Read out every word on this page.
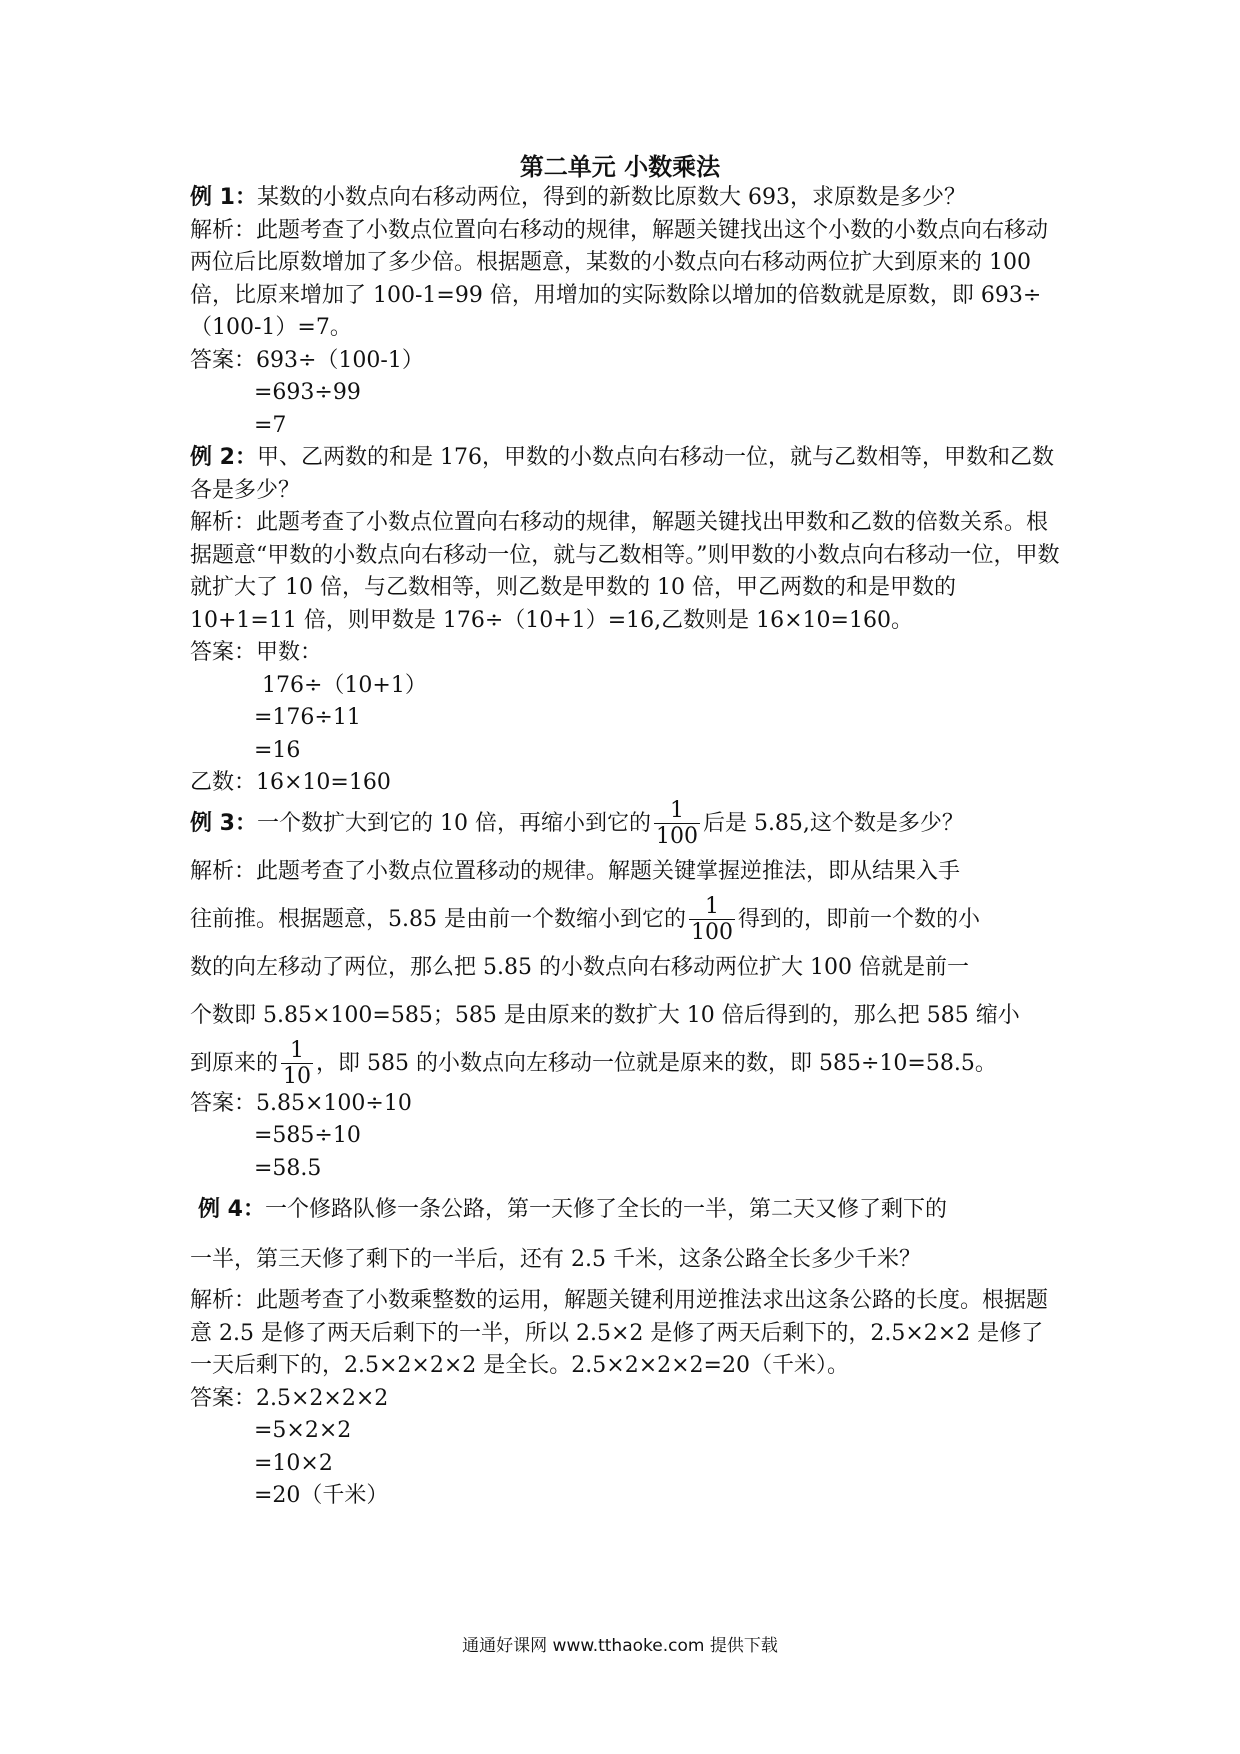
第二单元 小数乘法

例 1：某数的小数点向右移动两位，得到的新数比原数大 693，求原数是多少？

解析：此题考查了小数点位置向右移动的规律，解题关键找出这个小数的小数点向右移动两位后比原数增加了多少倍。根据题意，某数的小数点向右移动两位扩大到原来的 100 倍，比原来增加了 100-1=99 倍，用增加的实际数除以增加的倍数就是原数，即 693÷（100-1）=7。

答案：693÷（100-1）

=693÷99

=7

例 2：甲、乙两数的和是 176，甲数的小数点向右移动一位，就与乙数相等，甲数和乙数各是多少？

解析：此题考查了小数点位置向右移动的规律，解题关键找出甲数和乙数的倍数关系。根据题意“甲数的小数点向右移动一位，就与乙数相等。”则甲数的小数点向右移动一位，甲数就扩大了 10 倍，与乙数相等，则乙数是甲数的 10 倍，甲乙两数的和是甲数的 10+1=11 倍，则甲数是 176÷（10+1）=16,乙数则是 16×10=160。

答案：甲数：

176÷（10+1）

=176÷11

=16

乙数：16×10=160

例 3：一个数扩大到它的 10 倍，再缩小到它的 $\frac{1}{100}$ 后是 5.85,这个数是多少？

解析：此题考查了小数点位置移动的规律。解题关键掌握逆推法，即从结果入手

往前推。根据题意，5.85 是由前一个数缩小到它的 $\frac{1}{100}$ 得到的，即前一个数的小

数的向左移动了两位，那么把 5.85 的小数点向右移动两位扩大 100 倍就是前一

个数即 5.85×100=585；585 是由原来的数扩大 10 倍后得到的，那么把 585 缩小

到原来的 $\frac{1}{10}$ ，即 585 的小数点向左移动一位就是原来的数，即 585÷10=58.5。

答案：5.85×100÷10

=585÷10

=58.5

例 4：一个修路队修一条公路，第一天修了全长的一半，第二天又修了剩下的

一半，第三天修了剩下的一半后，还有 2.5 千米，这条公路全长多少千米？

解析：此题考查了小数乘整数的运用，解题关键利用逆推法求出这条公路的长度。根据题意 2.5 是修了两天后剩下的一半，所以 2.5×2 是修了两天后剩下的，2.5×2×2 是修了一天后剩下的，2.5×2×2×2 是全长。2.5×2×2×2=20（千米）。

答案：2.5×2×2×2

=5×2×2

=10×2

=20（千米）

通通好课网 www.tthaoke.com 提供下载
